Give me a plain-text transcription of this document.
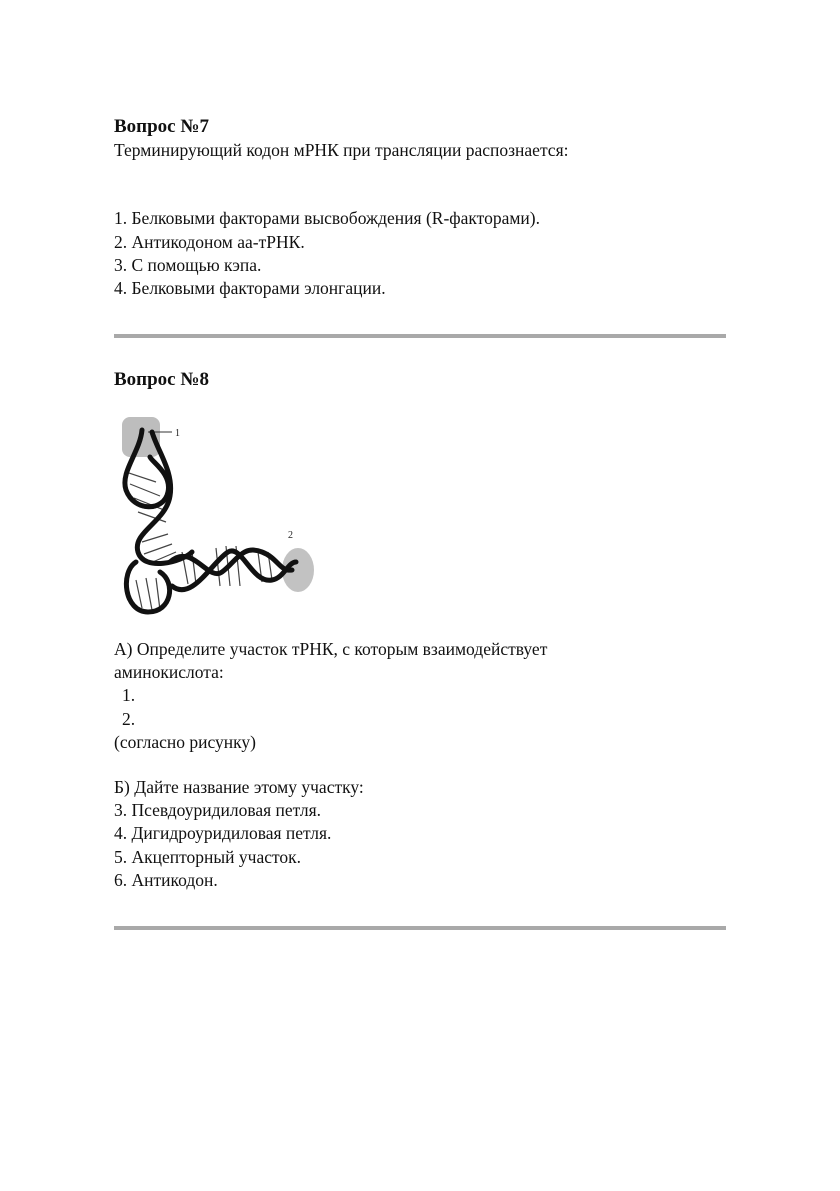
Вопрос №7
Терминирующий кодон мРНК при трансляции распознается:
1. Белковыми факторами высвобождения (R-факторами).
2. Антикодоном аа-тРНК.
3. С помощью кэпа.
4. Белковыми факторами элонгации.
Вопрос №8
1
2
А) Определите участок тРНК, с которым взаимодействует
аминокислота:
1.
2.
(согласно рисунку)
Б) Дайте название этому участку:
3. Псевдоуридиловая петля.
4. Дигидроуридиловая петля.
5. Акцепторный участок.
6. Антикодон.
